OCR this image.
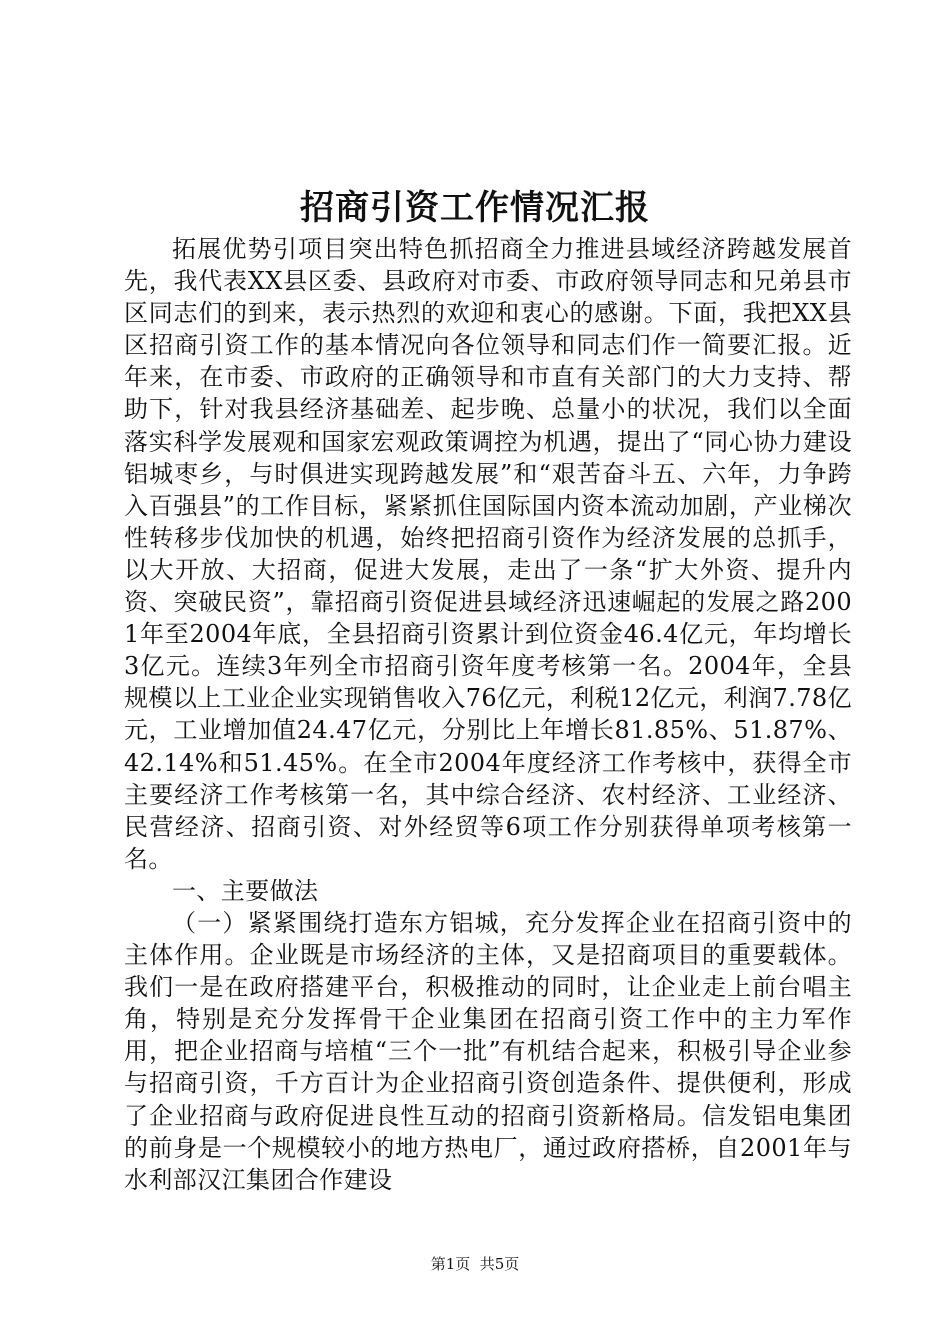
招商引资工作情况汇报

拓展优势引项目突出特色抓招商全力推进县域经济跨越发展首先，我代表XX县区委、县政府对市委、市政府领导同志和兄弟县市区同志们的到来，表示热烈的欢迎和衷心的感谢。下面，我把XX县区招商引资工作的基本情况向各位领导和同志们作一简要汇报。近年来，在市委、市政府的正确领导和市直有关部门的大力支持、帮助下，针对我县经济基础差、起步晚、总量小的状况，我们以全面落实科学发展观和国家宏观政策调控为机遇，提出了“同心协力建设铝城枣乡，与时俱进实现跨越发展”和“艰苦奋斗五、六年，力争跨入百强县”的工作目标，紧紧抓住国际国内资本流动加剧，产业梯次性转移步伐加快的机遇，始终把招商引资作为经济发展的总抓手，以大开放、大招商，促进大发展，走出了一条“扩大外资、提升内资、突破民资”，靠招商引资促进县域经济迅速崛起的发展之路2001年至2004年底，全县招商引资累计到位资金46.4亿元，年均增长3亿元。连续3年列全市招商引资年度考核第一名。2004年，全县规模以上工业企业实现销售收入76亿元，利税12亿元，利润7.78亿元，工业增加值24.47亿元，分别比上年增长81.85%、51.87%、42.14%和51.45%。在全市2004年度经济工作考核中，获得全市主要经济工作考核第一名，其中综合经济、农村经济、工业经济、民营经济、招商引资、对外经贸等6项工作分别获得单项考核第一名。

一、主要做法

（一）紧紧围绕打造东方铝城，充分发挥企业在招商引资中的主体作用。企业既是市场经济的主体，又是招商项目的重要载体。我们一是在政府搭建平台，积极推动的同时，让企业走上前台唱主角，特别是充分发挥骨干企业集团在招商引资工作中的主力军作用，把企业招商与培植“三个一批”有机结合起来，积极引导企业参与招商引资，千方百计为企业招商引资创造条件、提供便利，形成了企业招商与政府促进良性互动的招商引资新格局。信发铝电集团的前身是一个规模较小的地方热电厂，通过政府搭桥，自2001年与水利部汉江集团合作建设

第1页  共5页
